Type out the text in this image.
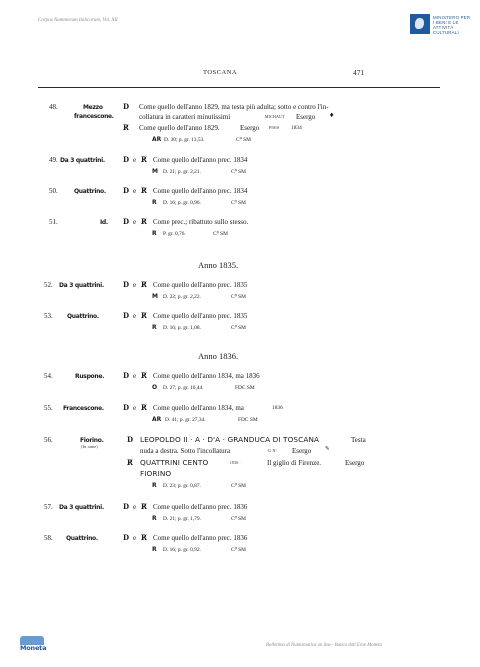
Corpus Nummorum Italicorum, Vol. XII
MINISTERO PER I BENI E LE ATTIVITÀ CULTURALI
TOSCANA	471
48.	Mezzo
francescone.
D Come quello dell'anno 1829, ma testa più adulta; sotto e contro l'in-
collatura in caratteri minutissimi	MICHAUT Esergo ♦
R̸ Come quello dell'anno 1829.	Esergo	PISIS 1834
AR D. 30; p. gr. 13,53.	C⁰ SM
49. Da 3 quattrini.	D e R̸ Come quello dell'anno prec. 1834
M D. 21; p. gr. 2,21.	C⁰ SM
50.	Quattrino. D e R̸ Come quello dell'anno prec. 1834
R D. 16; p. gr. 0,96.	C⁰ SM
51.	Id. D e R̸ Come prec.; ribattuto sullo stesso.
R P. gr. 0,76.	C⁰ SM
Anno 1835.
52. Da 3 quattrini.	D e R̸ Come quello dell'anno prec. 1835
M D. 22; p. gr. 2,22.	C⁰ SM
53. Quattrino.	D e R̸ Come quello dell'anno prec. 1835
R D. 16; p. gr. 1,08.	C⁰ SM
Anno 1836.
54.	Ruspone.	D e R̸ Come quello dell'anno 1834, ma 1836
O D. 27; p. gr. 10,44.	FDC SM
55. Francescone.	D e R̸ Come quello dell'anno 1834, ma	1836
AR D. 41; p. gr. 27,34.	FDC SM
56.	Fiorino.
(In rame)
D LEOPOLDO II · A · D'A · GRANDUCA DI TOSCANA	Testa
nuda a destra. Sotto l'incollatura	G·N· Esergo	✎
R̸ QUATTRINI CENTO	· 1836 ·	Il giglio di Firenze.	Esergo
FIORINO
R D. 23; p. gr. 0,87.	C⁰ SM
57. Da 3 quattrini.	D e R̸ Come quello dell'anno prec. 1836
R D. 21; p. gr. 1,79.	C⁰ SM
58. Quattrino.	D e R̸ Come quello dell'anno prec. 1836
R D. 16; p. gr. 0,92.	C⁰ SM
Moneta	Bollettino di Numismatica on line - Banca dati Eroe Moneta
